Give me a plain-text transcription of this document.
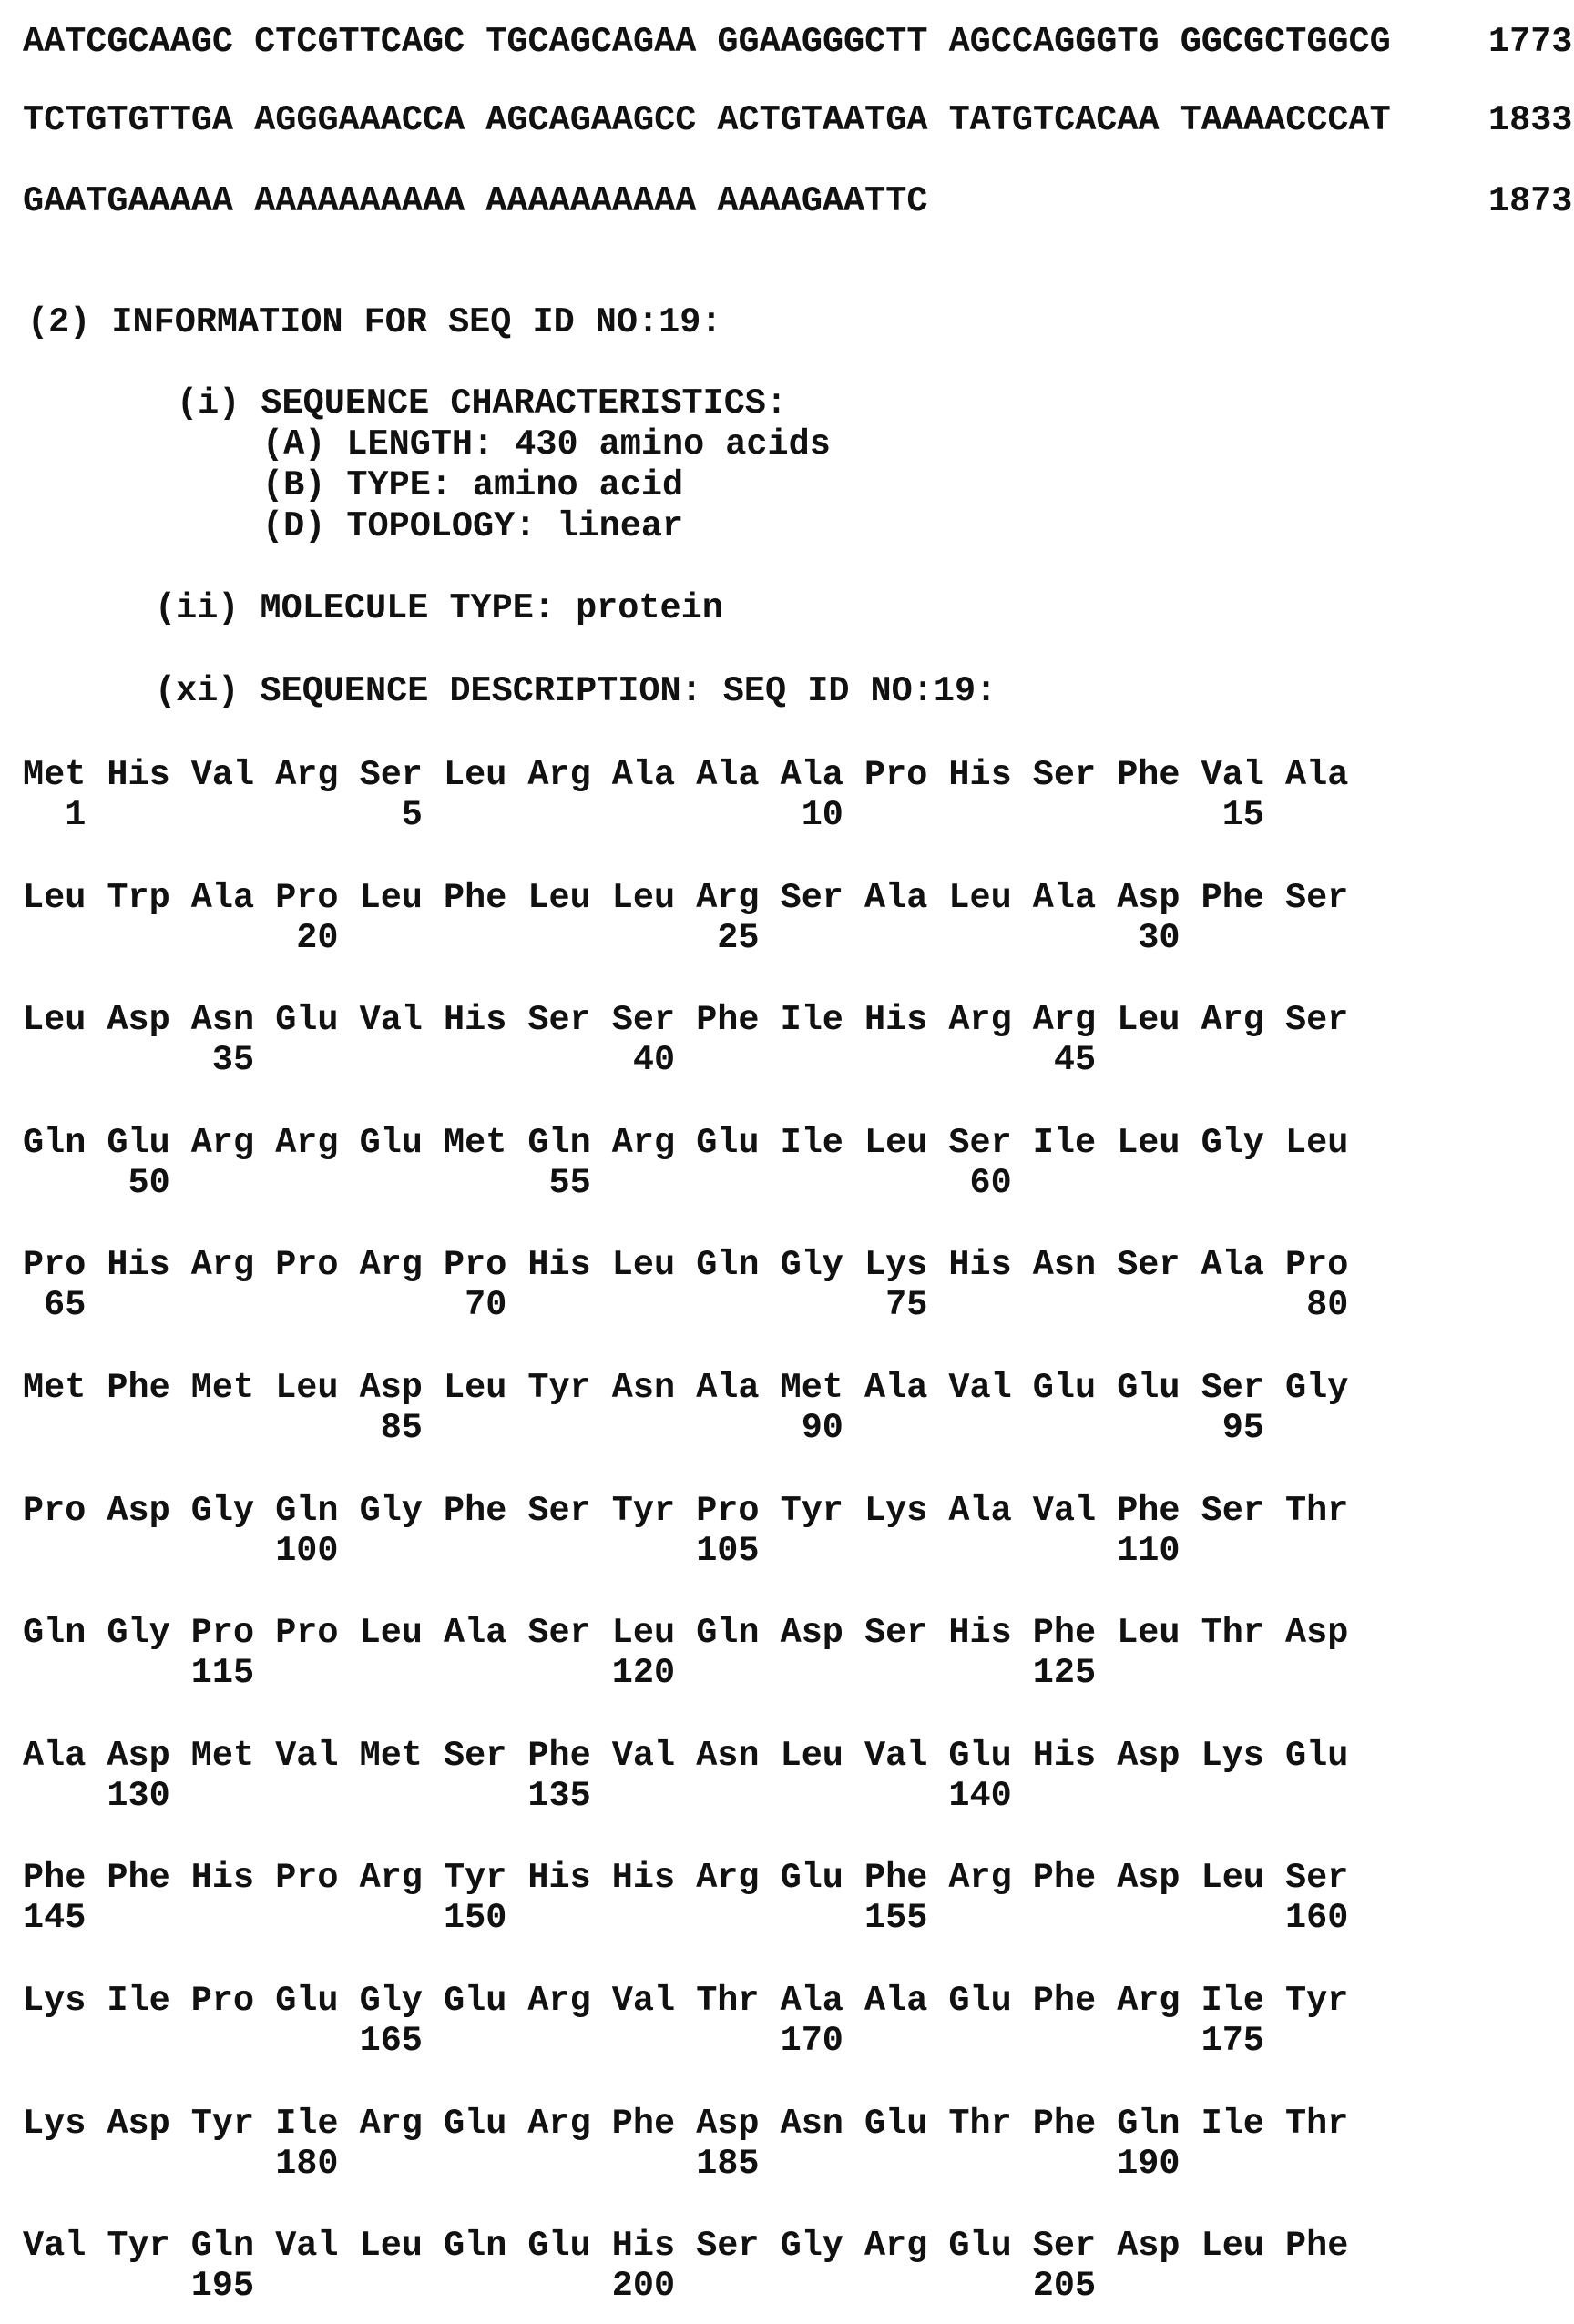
AATCGCAAGC CTCGTTCAGC TGCAGCAGAA GGAAGGGCTT AGCCAGGGTG GGCGCTGGCG	1773
TCTGTGTTGA AGGGAAACCA AGCAGAAGCC ACTGTAATGA TATGTCACAA TAAAACCCAT	1833
GAATGAAAAA AAAAAAAAAA AAAAAAAAAA AAAAGAATTC	1873
(2) INFORMATION FOR SEQ ID NO:19:
(i) SEQUENCE CHARACTERISTICS:
(A) LENGTH: 430 amino acids
(B) TYPE: amino acid
(D) TOPOLOGY: linear
(ii) MOLECULE TYPE: protein
(xi) SEQUENCE DESCRIPTION: SEQ ID NO:19:
Met His Val Arg Ser Leu Arg Ala Ala Ala Pro His Ser Phe Val Ala
1	5	10	15
Leu Trp Ala Pro Leu Phe Leu Leu Arg Ser Ala Leu Ala Asp Phe Ser
20	25	30
Leu Asp Asn Glu Val His Ser Ser Phe Ile His Arg Arg Leu Arg Ser
35	40	45
Gln Glu Arg Arg Glu Met Gln Arg Glu Ile Leu Ser Ile Leu Gly Leu
50	55	60
Pro His Arg Pro Arg Pro His Leu Gln Gly Lys His Asn Ser Ala Pro
65	70	75	80
Met Phe Met Leu Asp Leu Tyr Asn Ala Met Ala Val Glu Glu Ser Gly
85	90	95
Pro Asp Gly Gln Gly Phe Ser Tyr Pro Tyr Lys Ala Val Phe Ser Thr
100	105	110
Gln Gly Pro Pro Leu Ala Ser Leu Gln Asp Ser His Phe Leu Thr Asp
115	120	125
Ala Asp Met Val Met Ser Phe Val Asn Leu Val Glu His Asp Lys Glu
130	135	140
Phe Phe His Pro Arg Tyr His His Arg Glu Phe Arg Phe Asp Leu Ser
145	150	155	160
Lys Ile Pro Glu Gly Glu Arg Val Thr Ala Ala Glu Phe Arg Ile Tyr
165	170	175
Lys Asp Tyr Ile Arg Glu Arg Phe Asp Asn Glu Thr Phe Gln Ile Thr
180	185	190
Val Tyr Gln Val Leu Gln Glu His Ser Gly Arg Glu Ser Asp Leu Phe
195	200	205
